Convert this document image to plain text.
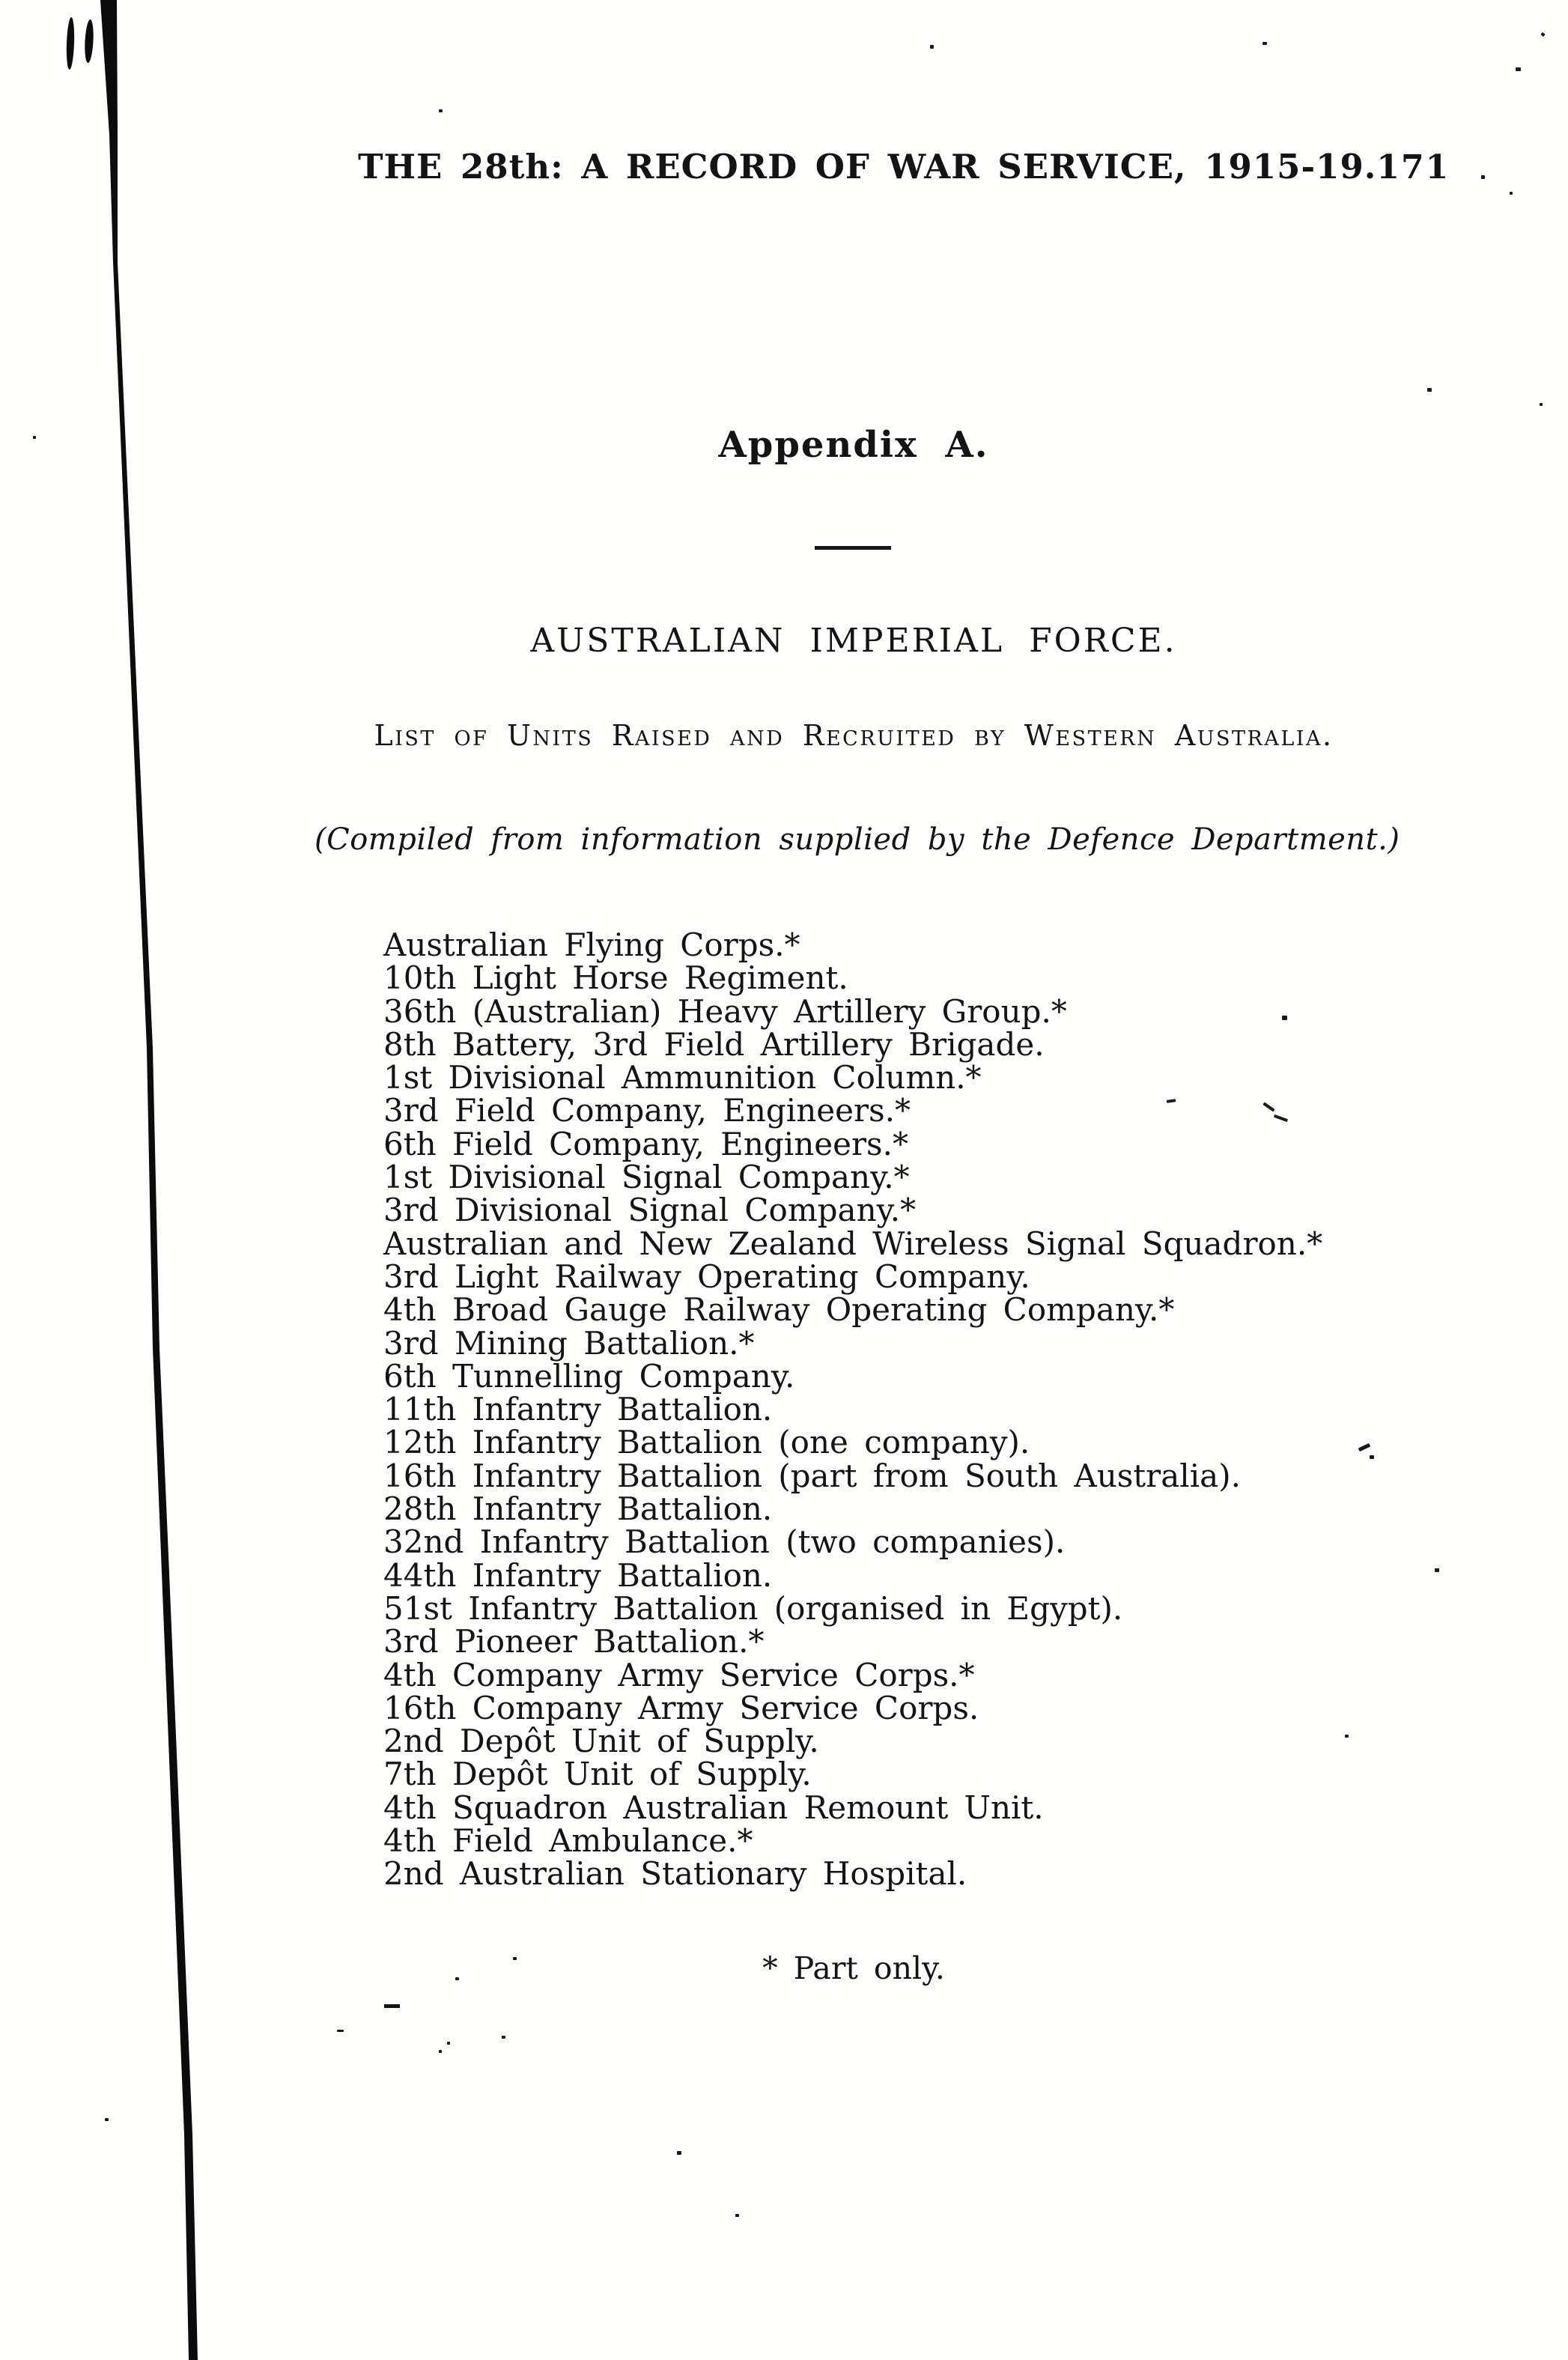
THE 28th: A RECORD OF WAR SERVICE, 1915-19. 171
Appendix A.
AUSTRALIAN IMPERIAL FORCE.
List of Units Raised and Recruited by Western Australia.
(Compiled from information supplied by the Defence Department.)
Australian Flying Corps.*
10th Light Horse Regiment.
36th (Australian) Heavy Artillery Group.*
8th Battery, 3rd Field Artillery Brigade.
1st Divisional Ammunition Column.*
3rd Field Company, Engineers.*
6th Field Company, Engineers.*
1st Divisional Signal Company.*
3rd Divisional Signal Company.*
Australian and New Zealand Wireless Signal Squadron.*
3rd Light Railway Operating Company.
4th Broad Gauge Railway Operating Company.*
3rd Mining Battalion.*
6th Tunnelling Company.
11th Infantry Battalion.
12th Infantry Battalion (one company).
16th Infantry Battalion (part from South Australia).
28th Infantry Battalion.
32nd Infantry Battalion (two companies).
44th Infantry Battalion.
51st Infantry Battalion (organised in Egypt).
3rd Pioneer Battalion.*
4th Company Army Service Corps.*
16th Company Army Service Corps.
2nd Depôt Unit of Supply.
7th Depôt Unit of Supply.
4th Squadron Australian Remount Unit.
4th Field Ambulance.*
2nd Australian Stationary Hospital.
* Part only.
